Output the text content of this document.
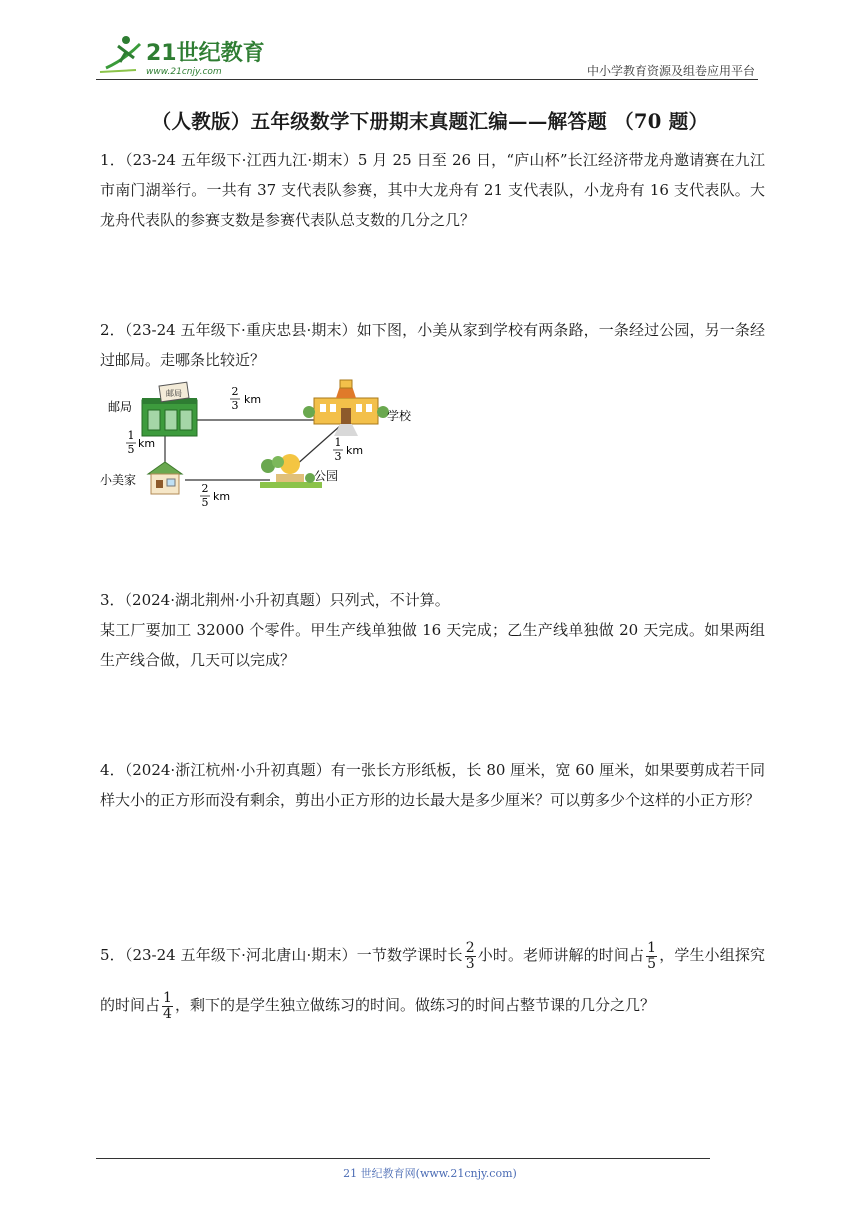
21世纪教育
www.21cnjy.com	中小学教育资源及组卷应用平台
（人教版）五年级数学下册期末真题汇编——解答题 （70 题）

1．（23-24 五年级下·江西九江·期末）5 月 25 日至 26 日，“庐山杯”长江经济带龙舟邀请赛在九江市南门湖举行。一共有 37 支代表队参赛，其中大龙舟有 21 支代表队，小龙舟有 16 支代表队。大龙舟代表队的参赛支数是参赛代表队总支数的几分之几？

2．（23-24 五年级下·重庆忠县·期末）如下图，小美从家到学校有两条路，一条经过公园，另一条经过邮局。走哪条比较近？

邮局
邮局
学校
小美家	公园
2
3 km
1
5 km	1
3 km
2
5 km

3．（2024·湖北荆州·小升初真题）只列式，不计算。

某工厂要加工 32000 个零件。甲生产线单独做 16 天完成；乙生产线单独做 20 天完成。如果两组生产线合做，几天可以完成？

4．（2024·浙江杭州·小升初真题）有一张长方形纸板，长 80 厘米，宽 60 厘米，如果要剪成若干同样大小的正方形而没有剩余，剪出小正方形的边长最大是多少厘米？可以剪多少个这样的小正方形？

5．（23-24 五年级下·河北唐山·期末）一节数学课时长 $\frac{2}{3}$ 小时。老师讲解的时间占 $\frac{1}{5}$ ，学生小组探究的时间占 $\frac{1}{4}$ ，剩下的是学生独立做练习的时间。做练习的时间占整节课的几分之几？

21 世纪教育网(www.21cnjy.com)
